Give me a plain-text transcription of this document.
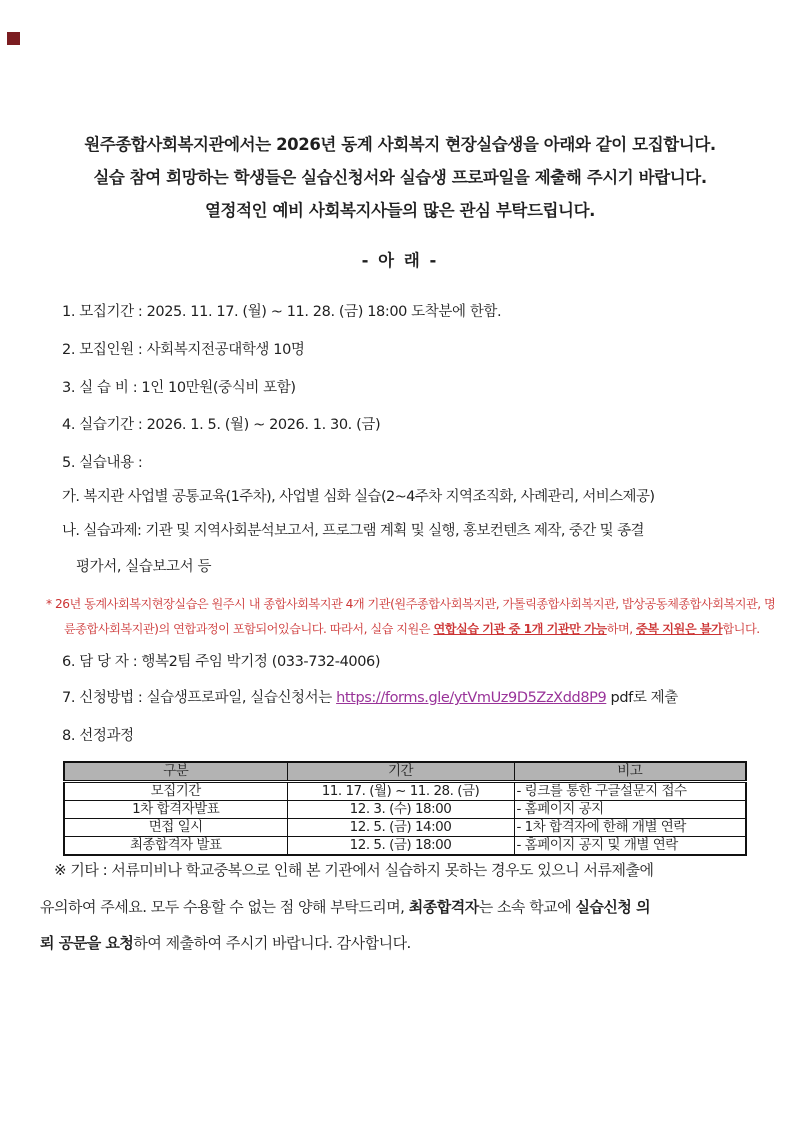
원주종합사회복지관에서는 2026년 동계 사회복지 현장실습생을 아래와 같이 모집합니다.
실습 참여 희망하는 학생들은 실습신청서와 실습생 프로파일을 제출해 주시기 바랍니다.
열정적인 예비 사회복지사들의 많은 관심 부탁드립니다.
- 아 래 -
1. 모집기간 : 2025. 11. 17. (월) ~ 11. 28. (금) 18:00 도착분에 한함.
2. 모집인원 : 사회복지전공대학생 10명
3. 실 습 비 : 1인 10만원(중식비 포함)
4. 실습기간 : 2026. 1. 5. (월) ~ 2026. 1. 30. (금)
5. 실습내용 :
가. 복지관 사업별 공통교육(1주차), 사업별 심화 실습(2~4주차 지역조직화, 사례관리, 서비스제공)
나. 실습과제: 기관 및 지역사회분석보고서, 프로그램 계획 및 실행, 홍보컨텐츠 제작, 중간 및 종결
평가서, 실습보고서 등
* 26년 동계사회복지현장실습은 원주시 내 종합사회복지관 4개 기관(원주종합사회복지관, 가톨릭종합사회복지관, 밥상공동체종합사회복지관, 명
륜종합사회복지관)의 연합과정이 포함되어있습니다. 따라서, 실습 지원은 연합실습 기관 중 1개 기관만 가능하며, 중복 지원은 불가합니다.
6. 담 당 자 : 행복2팀 주임 박기정 (033-732-4006)
7. 신청방법 : 실습생프로파일, 실습신청서는 https://forms.gle/ytVmUz9D5ZzXdd8P9 pdf로 제출
8. 선정과정
구분	기간	비고
모집기간	11. 17. (월) ~ 11. 28. (금)	- 링크를 통한 구글설문지 접수
1차 합격자발표	12. 3. (수) 18:00	- 홈페이지 공지
면접 일시	12. 5. (금) 14:00	- 1차 합격자에 한해 개별 연락
최종합격자 발표	12. 5. (금) 18:00	- 홈페이지 공지 및 개별 연락
※ 기타 : 서류미비나 학교중복으로 인해 본 기관에서 실습하지 못하는 경우도 있으니 서류제출에
유의하여 주세요. 모두 수용할 수 없는 점 양해 부탁드리며, 최종합격자는 소속 학교에 실습신청 의
뢰 공문을 요청하여 제출하여 주시기 바랍니다. 감사합니다.
